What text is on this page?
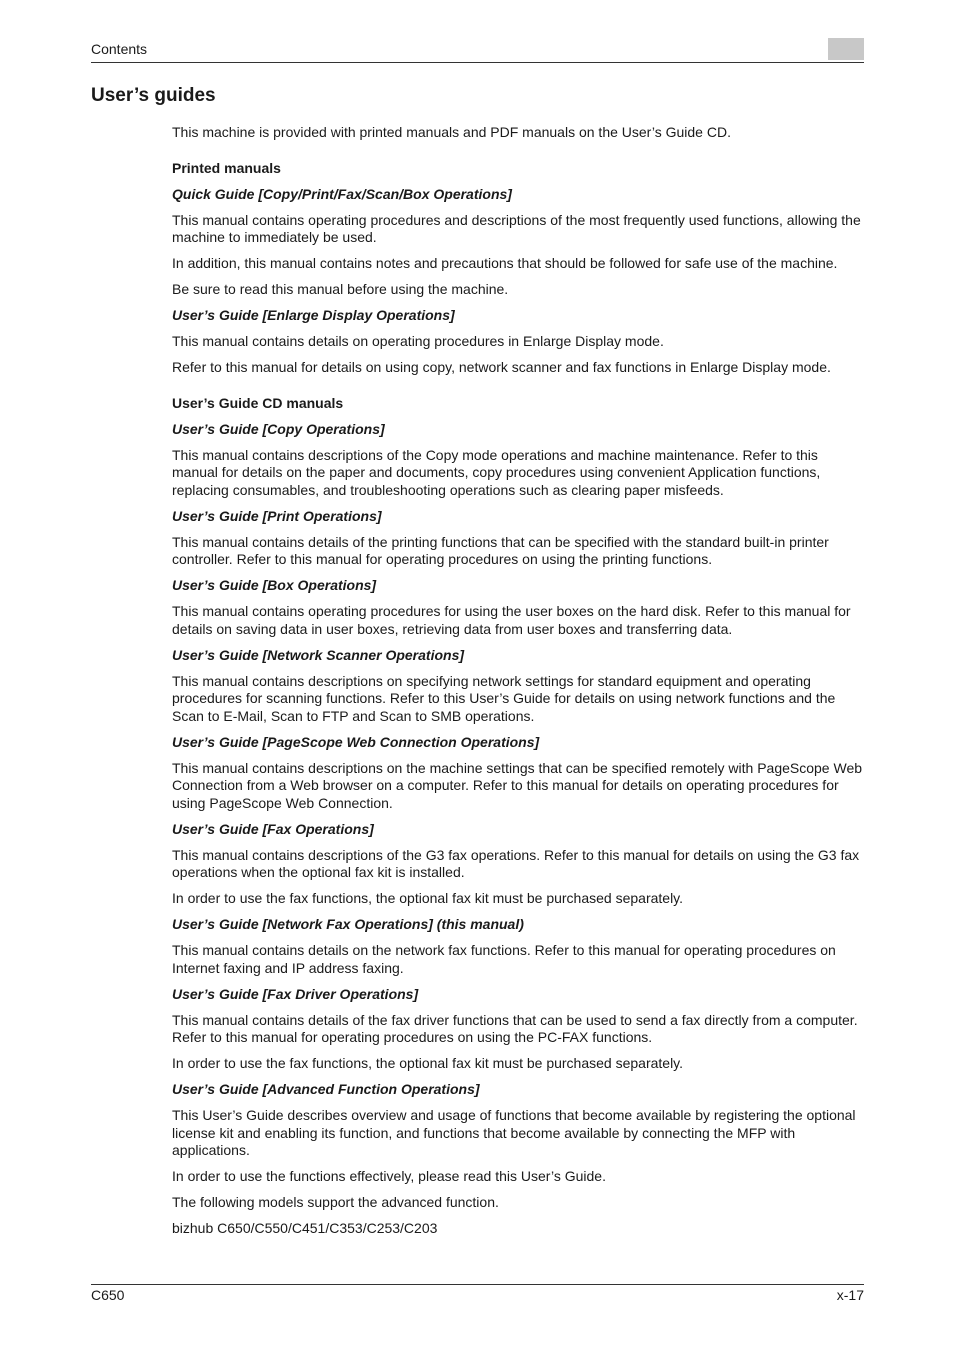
Contents
User’s guides

This machine is provided with printed manuals and PDF manuals on the User’s Guide CD.

Printed manuals

Quick Guide [Copy/Print/Fax/Scan/Box Operations]

This manual contains operating procedures and descriptions of the most frequently used functions, allowing the machine to immediately be used.

In addition, this manual contains notes and precautions that should be followed for safe use of the machine.

Be sure to read this manual before using the machine.

User’s Guide [Enlarge Display Operations]

This manual contains details on operating procedures in Enlarge Display mode.

Refer to this manual for details on using copy, network scanner and fax functions in Enlarge Display mode.

User’s Guide CD manuals

User’s Guide [Copy Operations]

This manual contains descriptions of the Copy mode operations and machine maintenance. Refer to this manual for details on the paper and documents, copy procedures using convenient Application functions, replacing consumables, and troubleshooting operations such as clearing paper misfeeds.

User’s Guide [Print Operations]

This manual contains details of the printing functions that can be specified with the standard built-in printer controller. Refer to this manual for operating procedures on using the printing functions.

User’s Guide [Box Operations]

This manual contains operating procedures for using the user boxes on the hard disk. Refer to this manual for details on saving data in user boxes, retrieving data from user boxes and transferring data.

User’s Guide [Network Scanner Operations]

This manual contains descriptions on specifying network settings for standard equipment and operating procedures for scanning functions. Refer to this User’s Guide for details on using network functions and the Scan to E-Mail, Scan to FTP and Scan to SMB operations.

User’s Guide [PageScope Web Connection Operations]

This manual contains descriptions on the machine settings that can be specified remotely with PageScope Web Connection from a Web browser on a computer. Refer to this manual for details on operating procedures for using PageScope Web Connection.

User’s Guide [Fax Operations]

This manual contains descriptions of the G3 fax operations. Refer to this manual for details on using the G3 fax operations when the optional fax kit is installed.

In order to use the fax functions, the optional fax kit must be purchased separately.

User’s Guide [Network Fax Operations] (this manual)

This manual contains details on the network fax functions. Refer to this manual for operating procedures on Internet faxing and IP address faxing.

User’s Guide [Fax Driver Operations]

This manual contains details of the fax driver functions that can be used to send a fax directly from a computer.
Refer to this manual for operating procedures on using the PC-FAX functions.

In order to use the fax functions, the optional fax kit must be purchased separately.

User’s Guide [Advanced Function Operations]

This User’s Guide describes overview and usage of functions that become available by registering the optional license kit and enabling its function, and functions that become available by connecting the MFP with applications.

In order to use the functions effectively, please read this User’s Guide.

The following models support the advanced function.

bizhub C650/C550/C451/C353/C253/C203

C650	x-17
